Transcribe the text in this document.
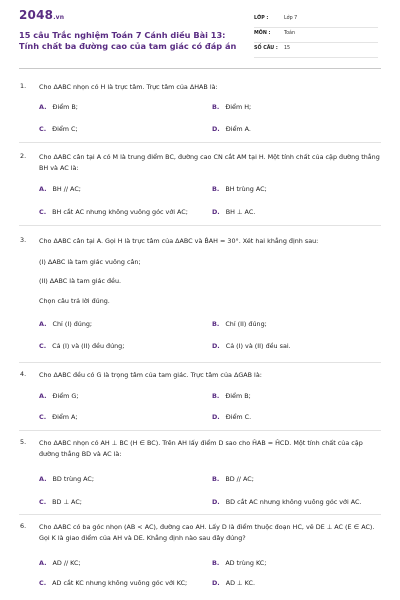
2048.vn
15 câu Trắc nghiệm Toán 7 Cánh diều Bài 13: Tính chất ba đường cao của tam giác có đáp án
LỚP :	Lớp 7
MÔN :	Toán
SỐ CÂU : 15
1. Cho ΔABC nhọn có H là trực tâm. Trực tâm của ΔHAB là:
A. Điểm B;	B. Điểm H;
C. Điểm C;	D. Điểm A.
2. Cho ΔABC cân tại A có M là trung điểm BC, đường cao CN cắt AM tại H. Một tính chất của cặp đường thẳng BH và AC là:
A. BH // AC;	B. BH trùng AC;
C. BH cắt AC nhưng không vuông góc với AC;	D. BH ⊥ AC.
3. Cho ΔABC cân tại A. Gọi H là trực tâm của ΔABC và B̂AH = 30°. Xét hai khẳng định sau:
(I) ΔABC là tam giác vuông cân;
(II) ΔABC là tam giác đều.
Chọn câu trả lời đúng.
A. Chỉ (I) đúng;	B. Chỉ (II) đúng;
C. Cả (I) và (II) đều đúng;	D. Cả (I) và (II) đều sai.
4. Cho ΔABC đều có G là trọng tâm của tam giác. Trực tâm của ΔGAB là:
A. Điểm G;	B. Điểm B;
C. Điểm A;	D. Điểm C.
5. Cho ΔABC nhọn có AH ⊥ BC (H ∈ BC). Trên AH lấy điểm D sao cho ĤAB = ĤCD. Một tính chất của cặp đường thẳng BD và AC là:
A. BD trùng AC;	B. BD // AC;
C. BD ⊥ AC;	D. BD cắt AC nhưng không vuông góc với AC.
6. Cho ΔABC có ba góc nhọn (AB < AC), đường cao AH. Lấy D là điểm thuộc đoạn HC, vẽ DE ⊥ AC (E ∈ AC). Gọi K là giao điểm của AH và DE. Khẳng định nào sau đây đúng?
A. AD // KC;	B. AD trùng KC;
C. AD cắt KC nhưng không vuông góc với KC;	D. AD ⊥ KC.
